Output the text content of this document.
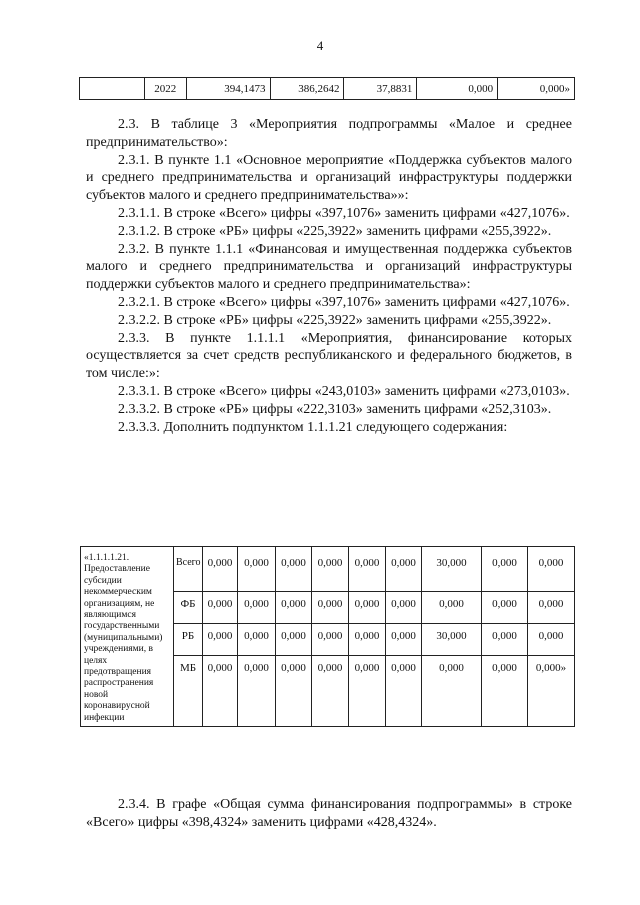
4
	2022	394,1473	386,2642	37,8831	0,000	0,000»
2.3. В таблице 3 «Мероприятия подпрограммы «Малое и среднее предпринимательство»:
2.3.1. В пункте 1.1 «Основное мероприятие «Поддержка субъектов малого и среднего предпринимательства и организаций инфраструктуры поддержки субъектов малого и среднего предпринимательства»»:
2.3.1.1. В строке «Всего» цифры «397,1076» заменить цифрами «427,1076».
2.3.1.2. В строке «РБ» цифры «225,3922» заменить цифрами «255,3922».
2.3.2. В пункте 1.1.1 «Финансовая и имущественная поддержка субъектов малого и среднего предпринимательства и организаций инфраструктуры поддержки субъектов малого и среднего предпринимательства»:
2.3.2.1. В строке «Всего» цифры «397,1076» заменить цифрами «427,1076».
2.3.2.2. В строке «РБ» цифры «225,3922» заменить цифрами «255,3922».
2.3.3. В пункте 1.1.1.1 «Мероприятия, финансирование которых осуществляется за счет средств республиканского и федерального бюджетов, в том числе:»:
2.3.3.1. В строке «Всего» цифры «243,0103» заменить цифрами «273,0103».
2.3.3.2. В строке «РБ» цифры «222,3103» заменить цифрами «252,3103».
2.3.3.3. Дополнить подпунктом 1.1.1.21 следующего содержания:
«1.1.1.1.21. Предоставление субсидии некоммерческим организациям, не являющимся государственными (муниципальными) учреждениями, в целях предотвращения распространения новой коронавирусной инфекции	Всего	0,000	0,000	0,000	0,000	0,000	0,000	30,000	0,000	0,000
	ФБ	0,000	0,000	0,000	0,000	0,000	0,000	0,000	0,000	0,000
	РБ	0,000	0,000	0,000	0,000	0,000	0,000	30,000	0,000	0,000
	МБ	0,000	0,000	0,000	0,000	0,000	0,000	0,000	0,000	0,000»
2.3.4. В графе «Общая сумма финансирования подпрограммы» в строке «Всего» цифры «398,4324» заменить цифрами «428,4324».
